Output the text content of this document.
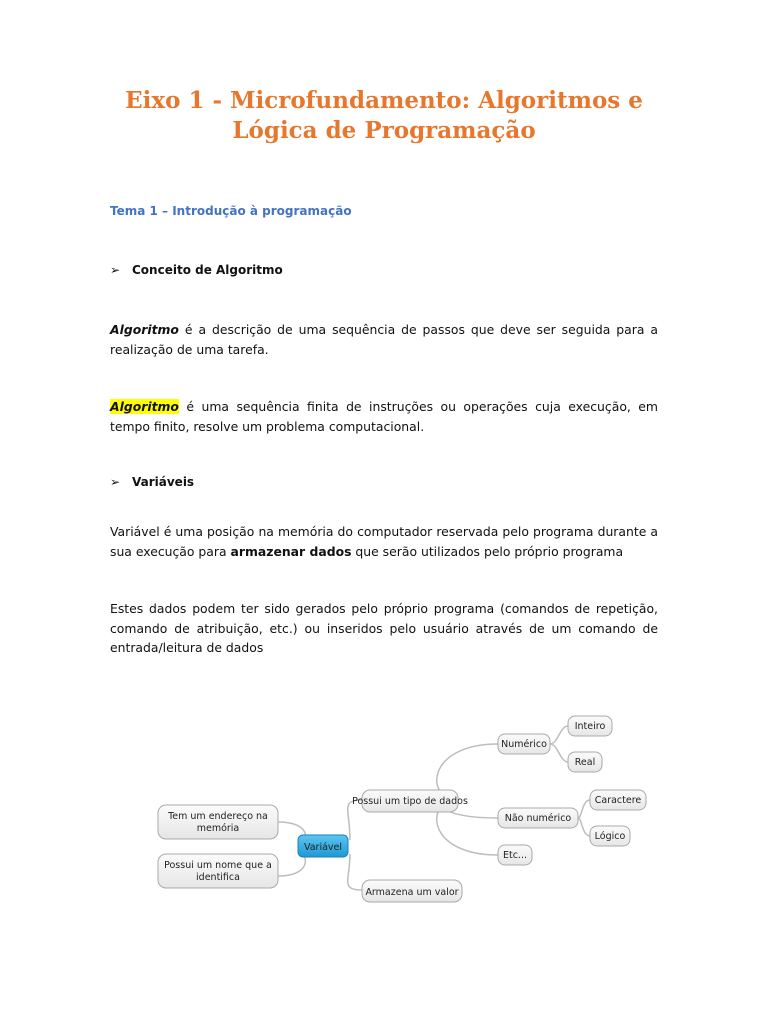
Eixo 1 - Microfundamento: Algoritmos e
Lógica de Programação
Tema 1 – Introdução à programação
➢ Conceito de Algoritmo
Algoritmo é a descrição de uma sequência de passos que deve ser seguida para a realização de uma tarefa.
Algoritmo é uma sequência finita de instruções ou operações cuja execução, em tempo finito, resolve um problema computacional.
➢ Variáveis
Variável é uma posição na memória do computador reservada pelo programa durante a sua execução para armazenar dados que serão utilizados pelo próprio programa
Estes dados podem ter sido gerados pelo próprio programa (comandos de repetição, comando de atribuição, etc.) ou inseridos pelo usuário através de um comando de entrada/leitura de dados
Tem um endereço na
memória
Possui um nome que a
identifica
Variável
Possui um tipo de dados
Armazena um valor
Numérico
Não numérico
Etc...
Inteiro
Real
Caractere
Lógico
